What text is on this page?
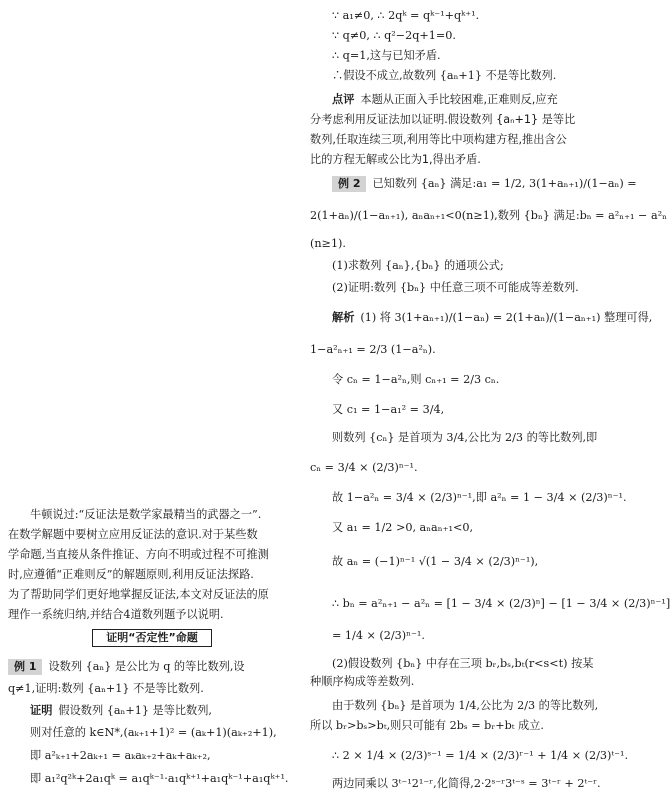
牛顿说过:“反证法是数学家最精当的武器之一”.
在数学解题中要树立应用反证法的意识.对于某些数
学命题,当直接从条件推证、方向不明或过程不可推测
时,应遵循“正难则反”的解题原则,利用反证法探路.
为了帮助同学们更好地掌握反证法,本文对反证法的原
理作一系统归纳,并结合4道数列题予以说明.
证明“否定性”命题
例 1 设数列 {aₙ} 是公比为 q 的等比数列,设
q≠1,证明:数列 {aₙ+1} 不是等比数列.
证明 假设数列 {aₙ+1} 是等比数列,
则对任意的 k∈N*,(aₖ₊₁+1)² = (aₖ+1)(aₖ₊₂+1),
即 a²ₖ₊₁+2aₖ₊₁ = aₖaₖ₊₂+aₖ+aₖ₊₂,
即 a₁²q²ᵏ+2a₁qᵏ = a₁qᵏ⁻¹·a₁qᵏ⁺¹+a₁qᵏ⁻¹+a₁qᵏ⁺¹.
∵ a₁≠0, ∴ 2qᵏ = qᵏ⁻¹+qᵏ⁺¹.
∵ q≠0, ∴ q²−2q+1=0.
∴ q=1,这与已知矛盾.
∴假设不成立,故数列 {aₙ+1} 不是等比数列.
点评 本题从正面入手比较困难,正难则反,应充
分考虑利用反证法加以证明.假设数列 {aₙ+1} 是等比
数列,任取连续三项,利用等比中项构建方程,推出含公
比的方程无解或公比为1,得出矛盾.
例 2 已知数列 {aₙ} 满足:a₁ = 1/2, 3(1+aₙ₊₁)/(1−aₙ) =
2(1+aₙ)/(1−aₙ₊₁), aₙaₙ₊₁<0(n≥1),数列 {bₙ} 满足:bₙ = a²ₙ₊₁ − a²ₙ
(n≥1).
(1)求数列 {aₙ},{bₙ} 的通项公式;
(2)证明:数列 {bₙ} 中任意三项不可能成等差数列.
解析 (1) 将 3(1+aₙ₊₁)/(1−aₙ) = 2(1+aₙ)/(1−aₙ₊₁) 整理可得,
1−a²ₙ₊₁ = 2/3 (1−a²ₙ).
令 cₙ = 1−a²ₙ,则 cₙ₊₁ = 2/3 cₙ.
又 c₁ = 1−a₁² = 3/4,
则数列 {cₙ} 是首项为 3/4,公比为 2/3 的等比数列,即
cₙ = 3/4 × (2/3)ⁿ⁻¹.
故 1−a²ₙ = 3/4 × (2/3)ⁿ⁻¹,即 a²ₙ = 1 − 3/4 × (2/3)ⁿ⁻¹.
又 a₁ = 1/2 >0, aₙaₙ₊₁<0,
故 aₙ = (−1)ⁿ⁻¹ √(1 − 3/4 × (2/3)ⁿ⁻¹),
∴ bₙ = a²ₙ₊₁ − a²ₙ = [1 − 3/4 × (2/3)ⁿ] − [1 − 3/4 × (2/3)ⁿ⁻¹]
= 1/4 × (2/3)ⁿ⁻¹.
(2)假设数列 {bₙ} 中存在三项 bᵣ,bₛ,bₜ(r<s<t) 按某
种顺序构成等差数列.
由于数列 {bₙ} 是首项为 1/4,公比为 2/3 的等比数列,
所以 bᵣ>bₛ>bₜ,则只可能有 2bₛ = bᵣ+bₜ 成立.
∴ 2 × 1/4 × (2/3)ˢ⁻¹ = 1/4 × (2/3)ʳ⁻¹ + 1/4 × (2/3)ᵗ⁻¹.
两边同乘以 3ᵗ⁻¹2¹⁻ʳ,化简得,2·2ˢ⁻ʳ3ᵗ⁻ˢ = 3ᵗ⁻ʳ + 2ᵗ⁻ʳ.
